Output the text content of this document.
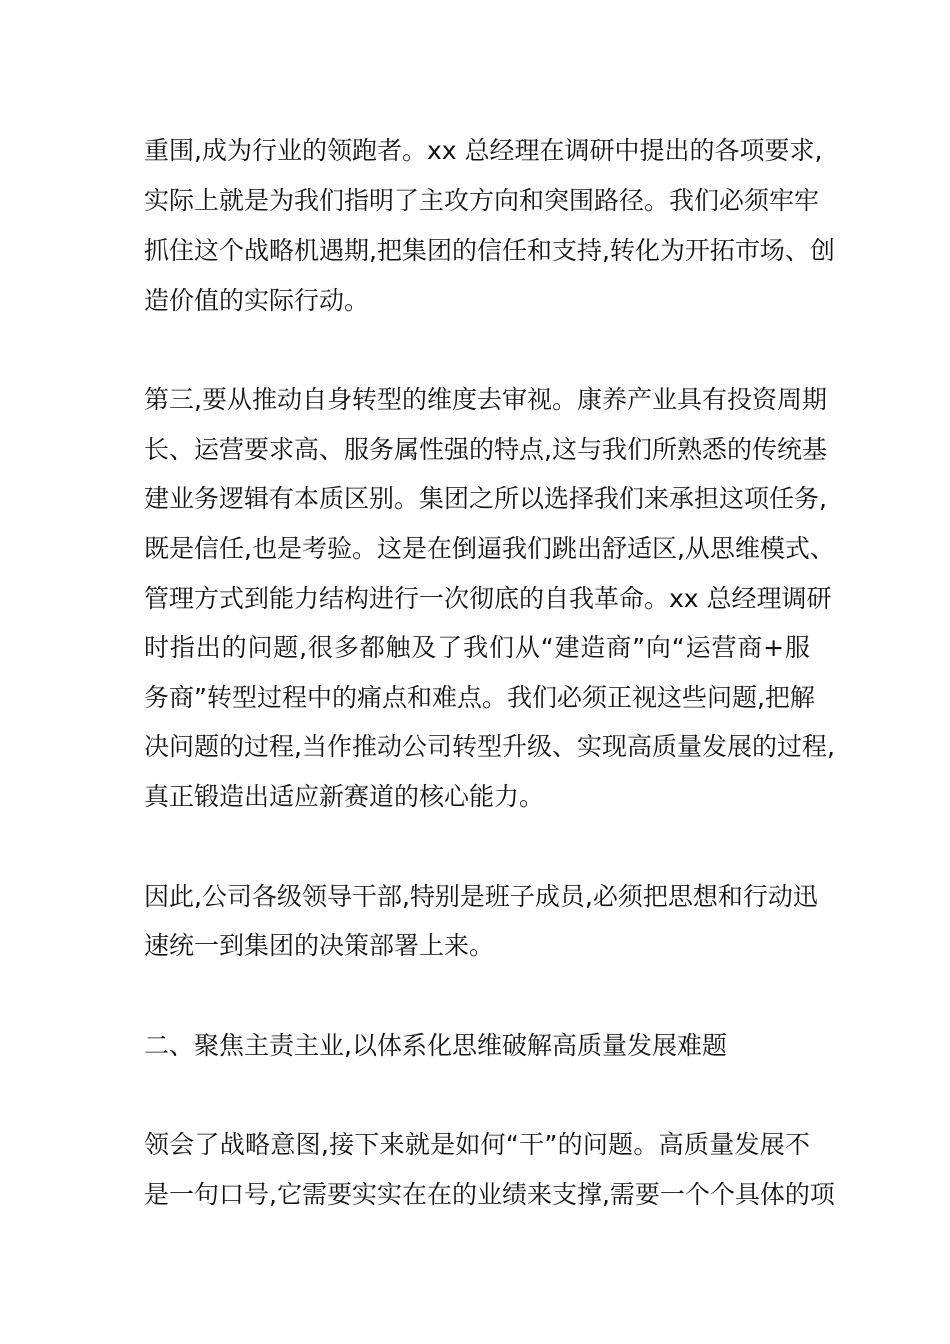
重围,成为行业的领跑者。xx 总经理在调研中提出的各项要求,
实际上就是为我们指明了主攻方向和突围路径。我们必须牢牢
抓住这个战略机遇期,把集团的信任和支持,转化为开拓市场、创
造价值的实际行动。
第三,要从推动自身转型的维度去审视。康养产业具有投资周期
长、运营要求高、服务属性强的特点,这与我们所熟悉的传统基
建业务逻辑有本质区别。集团之所以选择我们来承担这项任务,
既是信任,也是考验。这是在倒逼我们跳出舒适区,从思维模式、
管理方式到能力结构进行一次彻底的自我革命。xx 总经理调研
时指出的问题,很多都触及了我们从“建造商”向“运营商+服
务商”转型过程中的痛点和难点。我们必须正视这些问题,把解
决问题的过程,当作推动公司转型升级、实现高质量发展的过程,
真正锻造出适应新赛道的核心能力。
因此,公司各级领导干部,特别是班子成员,必须把思想和行动迅
速统一到集团的决策部署上来。
二、聚焦主责主业,以体系化思维破解高质量发展难题
领会了战略意图,接下来就是如何“干”的问题。高质量发展不
是一句口号,它需要实实在在的业绩来支撑,需要一个个具体的项
